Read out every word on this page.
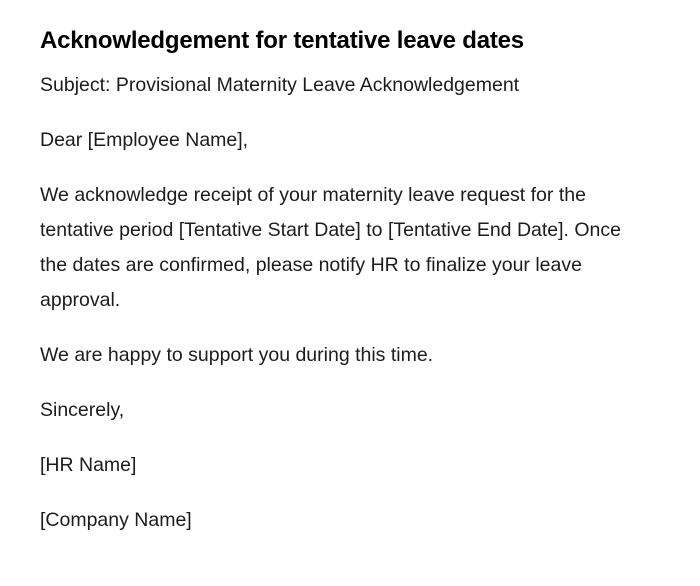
Acknowledgement for tentative leave dates

Subject: Provisional Maternity Leave Acknowledgement

Dear [Employee Name],

We acknowledge receipt of your maternity leave request for the tentative period [Tentative Start Date] to [Tentative End Date]. Once the dates are confirmed, please notify HR to finalize your leave approval.

We are happy to support you during this time.

Sincerely,

[HR Name]

[Company Name]
